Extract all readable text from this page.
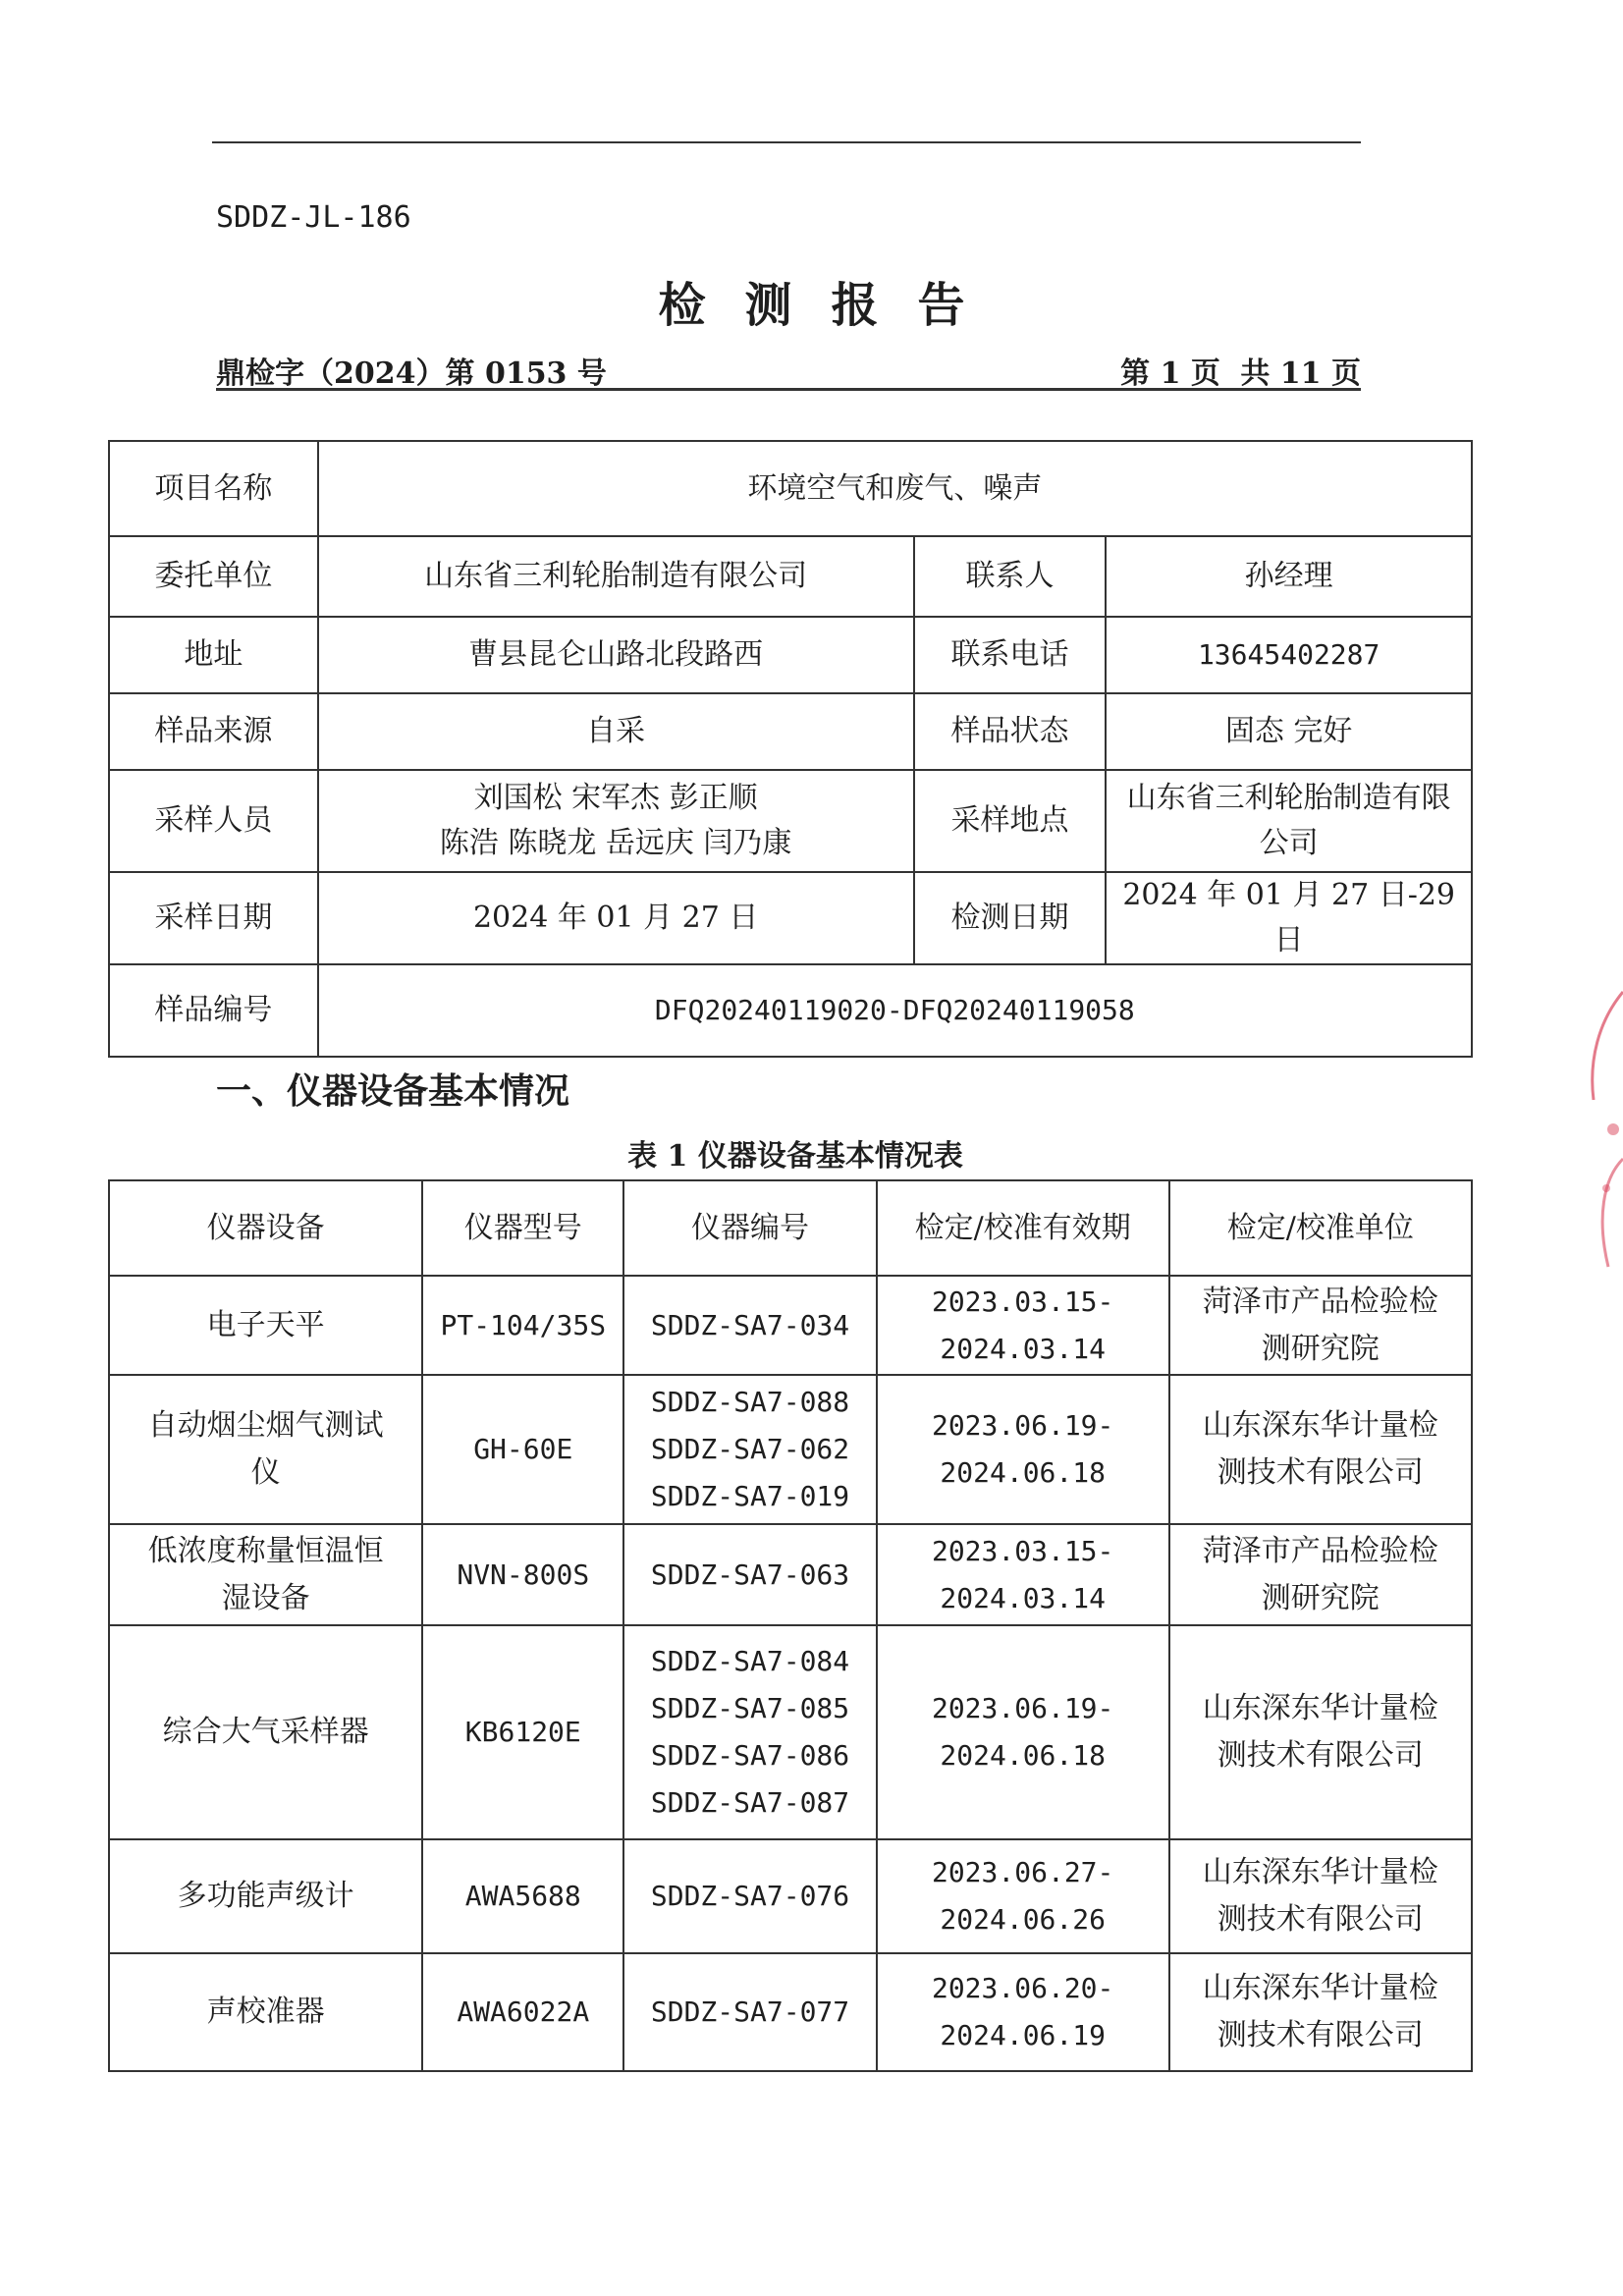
SDDZ-JL-186
检测报告
鼎检字（2024）第 0153 号	第 1 页 共 11 页
项目名称	环境空气和废气、噪声		
委托单位	山东省三利轮胎制造有限公司	联系人	孙经理
地址	曹县昆仑山路北段路西	联系电话	13645402287
样品来源	自采	样品状态	固态 完好
采样人员	刘国松 宋军杰 彭正顺
陈浩 陈晓龙 岳远庆 闫乃康	采样地点	山东省三利轮胎制造有限公司
采样日期	2024 年 01 月 27 日	检测日期	2024 年 01 月 27 日-29 日
样品编号	DFQ20240119020-DFQ20240119058		
一、仪器设备基本情况
表 1 仪器设备基本情况表
仪器设备	仪器型号	仪器编号	检定/校准有效期	检定/校准单位
电子天平	PT-104/35S	SDDZ-SA7-034	2023.03.15-
2024.03.14	菏泽市产品检验检
测研究院

自动烟尘烟气测试
仪	GH-60E	SDDZ-SA7-088
SDDZ-SA7-062
SDDZ-SA7-019	2023.06.19-
2024.06.18	山东深东华计量检
测技术有限公司

低浓度称量恒温恒
湿设备	NVN-800S	SDDZ-SA7-063	2023.03.15-
2024.03.14	菏泽市产品检验检
测研究院

综合大气采样器	KB6120E	SDDZ-SA7-084
SDDZ-SA7-085
SDDZ-SA7-086
SDDZ-SA7-087	2023.06.19-
2024.06.18	山东深东华计量检
测技术有限公司

多功能声级计	AWA5688	SDDZ-SA7-076	2023.06.27-
2024.06.26	山东深东华计量检
测技术有限公司

声校准器	AWA6022A	SDDZ-SA7-077	2023.06.20-
2024.06.19	山东深东华计量检
测技术有限公司
